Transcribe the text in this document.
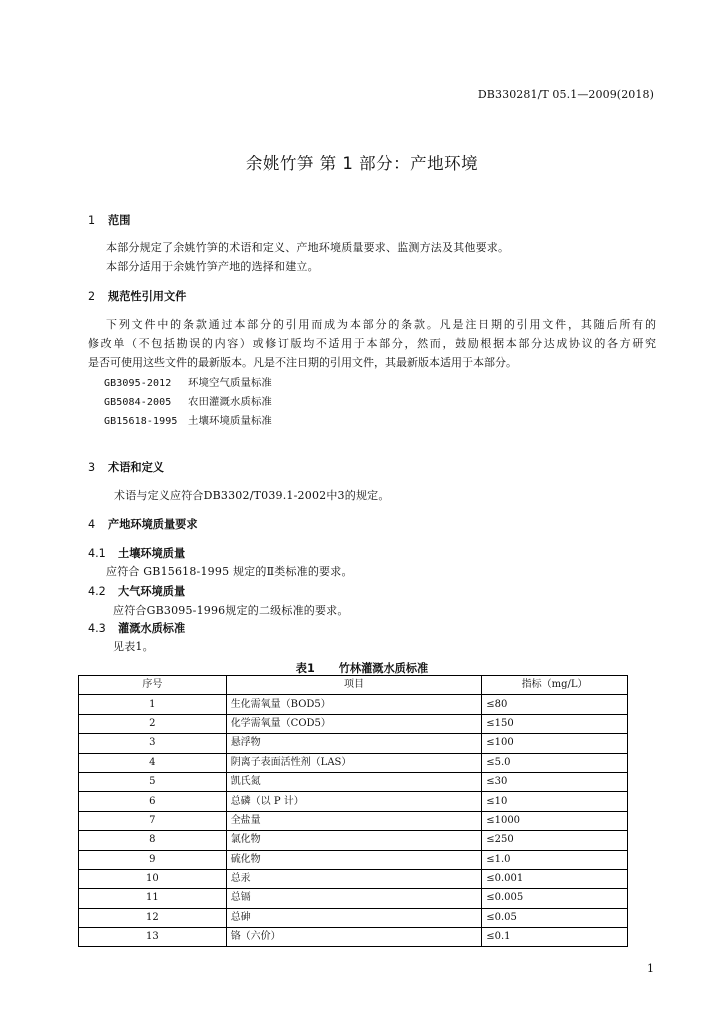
DB330281/T 05.1—2009(2018)
余姚竹笋 第 1 部分：产地环境
1 范围
本部分规定了余姚竹笋的术语和定义、产地环境质量要求、监测方法及其他要求。
本部分适用于余姚竹笋产地的选择和建立。
2 规范性引用文件
下列文件中的条款通过本部分的引用而成为本部分的条款。凡是注日期的引用文件，其随后所有的
修改单（不包括勘误的内容）或修订版均不适用于本部分，然而，鼓励根据本部分达成协议的各方研究
是否可使用这些文件的最新版本。凡是不注日期的引用文件，其最新版本适用于本部分。
GB3095-2012 环境空气质量标准
GB5084-2005 农田灌溉水质标准
GB15618-1995 土壤环境质量标准
3 术语和定义
术语与定义应符合DB3302/T039.1-2002中3的规定。
4 产地环境质量要求
4.1 土壤环境质量
应符合 GB15618-1995 规定的Ⅱ类标准的要求。
4.2 大气环境质量
应符合GB3095-1996规定的二级标准的要求。
4.3 灌溉水质标准
见表1。
表1 竹林灌溉水质标准
序号	项目	指标（mg/L）
1	生化需氧量（BOD5）	≤80
2	化学需氧量（COD5）	≤150
3	悬浮物	≤100
4	阴离子表面活性剂（LAS）	≤5.0
5	凯氏氮	≤30
6	总磷（以 P 计）	≤10
7	全盐量	≤1000
8	氯化物	≤250
9	硫化物	≤1.0
10	总汞	≤0.001
11	总镉	≤0.005
12	总砷	≤0.05
13	铬（六价）	≤0.1
1
